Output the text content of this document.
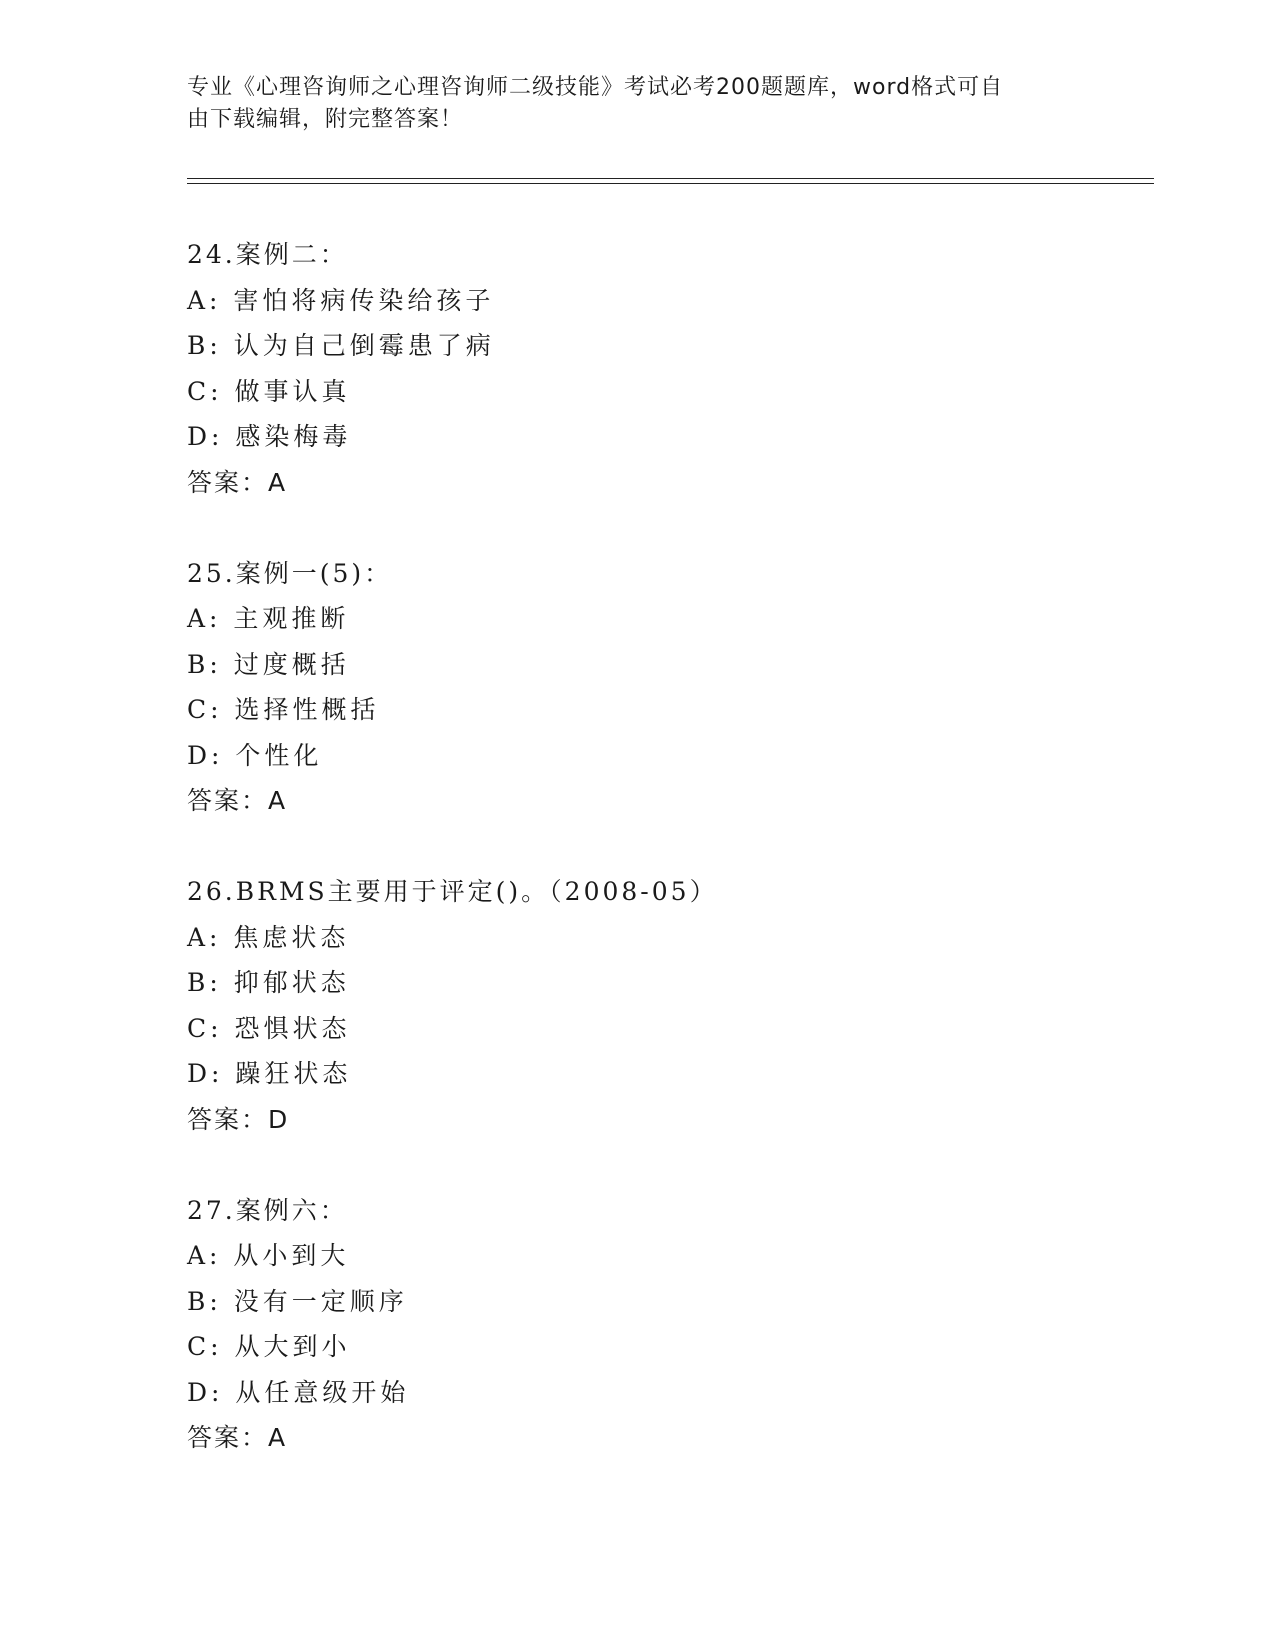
专业《心理咨询师之心理咨询师二级技能》考试必考200题题库，word格式可自
由下载编辑，附完整答案！
24.案例二：
A: 害怕将病传染给孩子
B: 认为自己倒霉患了病
C: 做事认真
D: 感染梅毒
答案：A
25.案例一(5)：
A: 主观推断
B: 过度概括
C: 选择性概括
D: 个性化
答案：A
26.BRMS主要用于评定()。（2008-05）
A: 焦虑状态
B: 抑郁状态
C: 恐惧状态
D: 躁狂状态
答案：D
27.案例六：
A: 从小到大
B: 没有一定顺序
C: 从大到小
D: 从任意级开始
答案：A
